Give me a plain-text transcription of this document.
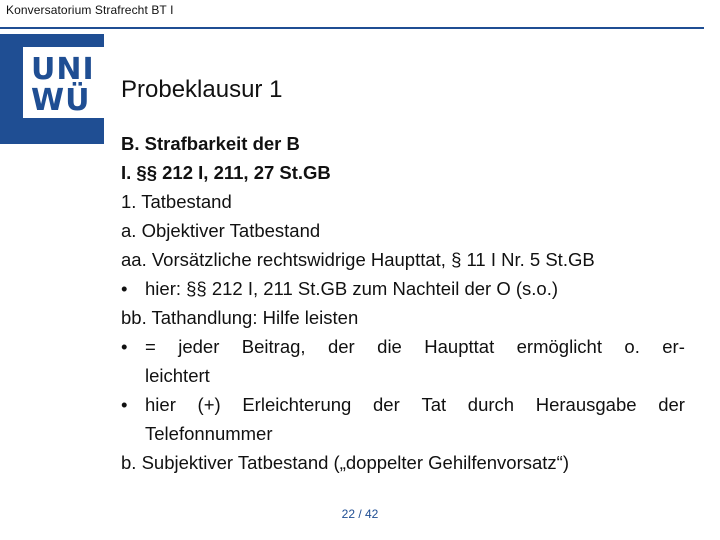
Konversatorium Strafrecht BT I
UNI
WÜ Probeklausur 1
B. Strafbarkeit der B
I. §§ 212 I, 211, 27 St.GB
1. Tatbestand
a. Objektiver Tatbestand
aa. Vorsätzliche rechtswidrige Haupttat, § 11 I Nr. 5 St.GB
• hier: §§ 212 I, 211 St.GB zum Nachteil der O (s.o.)
bb. Tathandlung: Hilfe leisten
• = jeder Beitrag, der die Haupttat ermöglicht o. er-
leichtert
• hier (+) Erleichterung der Tat durch Herausgabe der
Telefonnummer
b. Subjektiver Tatbestand („doppelter Gehilfenvorsatz“)
22 / 42
